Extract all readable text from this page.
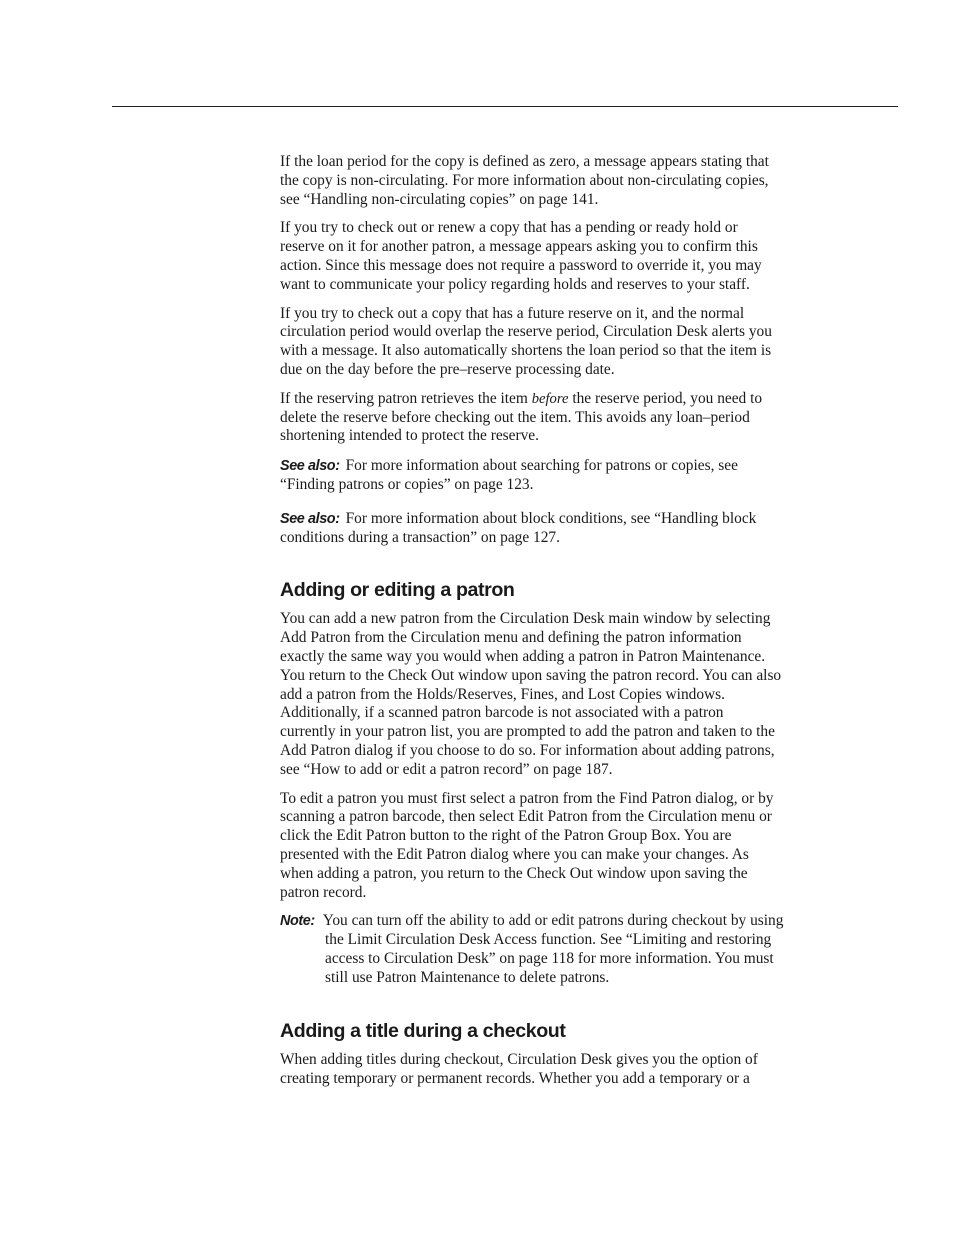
If the loan period for the copy is defined as zero, a message appears stating that
the copy is non-circulating. For more information about non-circulating copies,
see “Handling non-circulating copies” on page 141.

If you try to check out or renew a copy that has a pending or ready hold or
reserve on it for another patron, a message appears asking you to confirm this
action. Since this message does not require a password to override it, you may
want to communicate your policy regarding holds and reserves to your staff.

If you try to check out a copy that has a future reserve on it, and the normal
circulation period would overlap the reserve period, Circulation Desk alerts you
with a message. It also automatically shortens the loan period so that the item is
due on the day before the pre–reserve processing date.

If the reserving patron retrieves the item before the reserve period, you need to
delete the reserve before checking out the item. This avoids any loan–period
shortening intended to protect the reserve.

See also: For more information about searching for patrons or copies, see
“Finding patrons or copies” on page 123.

See also: For more information about block conditions, see “Handling block
conditions during a transaction” on page 127.

Adding or editing a patron

You can add a new patron from the Circulation Desk main window by selecting
Add Patron from the Circulation menu and defining the patron information
exactly the same way you would when adding a patron in Patron Maintenance.
You return to the Check Out window upon saving the patron record. You can also
add a patron from the Holds/Reserves, Fines, and Lost Copies windows.
Additionally, if a scanned patron barcode is not associated with a patron
currently in your patron list, you are prompted to add the patron and taken to the
Add Patron dialog if you choose to do so. For information about adding patrons,
see “How to add or edit a patron record” on page 187.

To edit a patron you must first select a patron from the Find Patron dialog, or by
scanning a patron barcode, then select Edit Patron from the Circulation menu or
click the Edit Patron button to the right of the Patron Group Box. You are
presented with the Edit Patron dialog where you can make your changes. As
when adding a patron, you return to the Check Out window upon saving the
patron record.

Note: You can turn off the ability to add or edit patrons during checkout by using
the Limit Circulation Desk Access function. See “Limiting and restoring
access to Circulation Desk” on page 118 for more information. You must
still use Patron Maintenance to delete patrons.

Adding a title during a checkout

When adding titles during checkout, Circulation Desk gives you the option of
creating temporary or permanent records. Whether you add a temporary or a
